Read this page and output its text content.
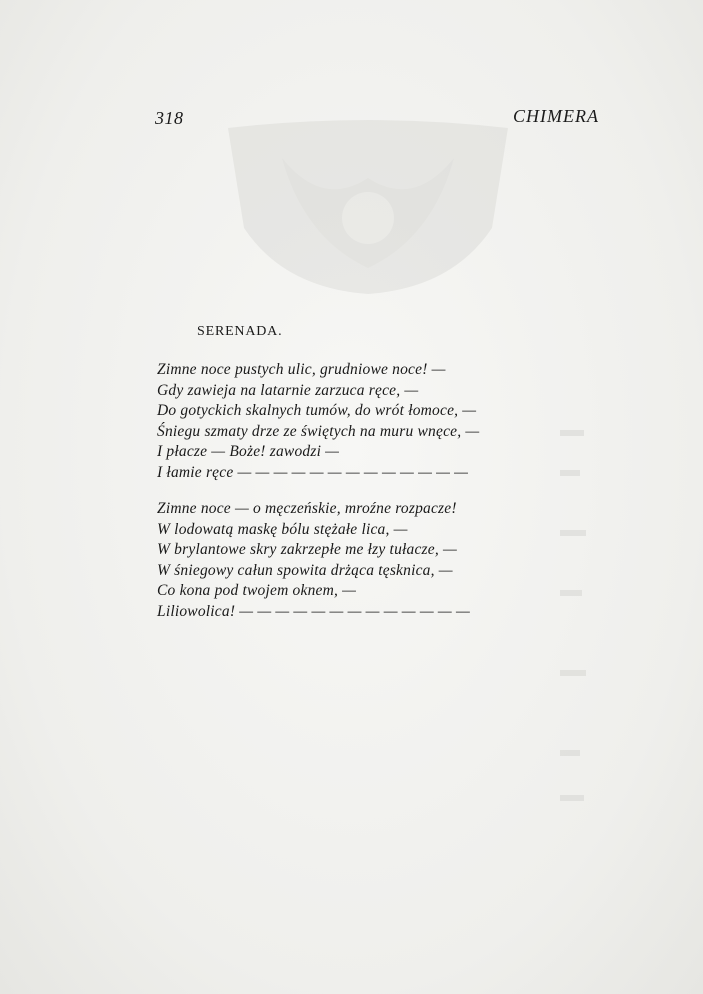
318	CHIMERA
SERENADA.
Zimne noce pustych ulic, grudniowe noce! —
Gdy zawieja na latarnie zarzuca ręce, —
Do gotyckich skalnych tumów, do wrót łomoce, —
Śniegu szmaty drze ze świętych na muru wnęce, —
I płacze — Boże! zawodzi —
I łamie ręce — — — — — — — — — — — — —
Zimne noce — o męczeńskie, mroźne rozpacze!
W lodowatą maskę bólu stężałe lica, —
W brylantowe skry zakrzepłe me łzy tułacze, —
W śniegowy całun spowita drżąca tęsknica, —
Co kona pod twojem oknem, —
Liliowolica! — — — — — — — — — — — — —
